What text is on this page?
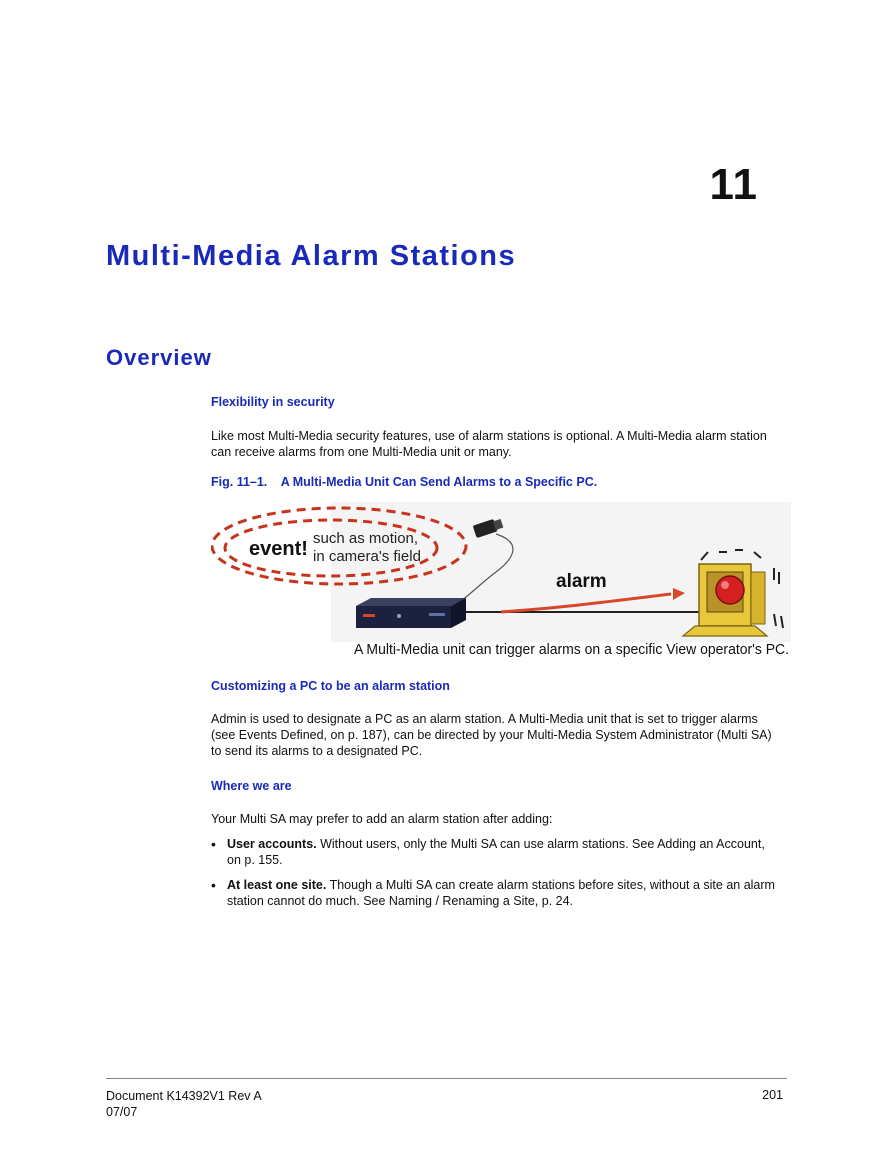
11
Multi-Media Alarm Stations
Overview
Flexibility in security

Like most Multi-Media security features, use of alarm stations is optional. A Multi-Media alarm station can receive alarms from one Multi-Media unit or many.

Fig. 11–1.    A Multi-Media Unit Can Send Alarms to a Specific PC.
event! such as motion,
in camera's field
alarm
A Multi-Media unit can trigger alarms on a specific View operator's PC.
Customizing a PC to be an alarm station

Admin is used to designate a PC as an alarm station. A Multi-Media unit that is set to trigger alarms (see Events Defined, on p. 187), can be directed by your Multi-Media System Administrator (Multi SA) to send its alarms to a designated PC.

Where we are

Your Multi SA may prefer to add an alarm station after adding:

• User accounts. Without users, only the Multi SA can use alarm stations. See Adding an Account, on p. 155.
• At least one site. Though a Multi SA can create alarm stations before sites, without a site an alarm station cannot do much. See Naming / Renaming a Site, p. 24.
Document K14392V1 Rev A
07/07
201
